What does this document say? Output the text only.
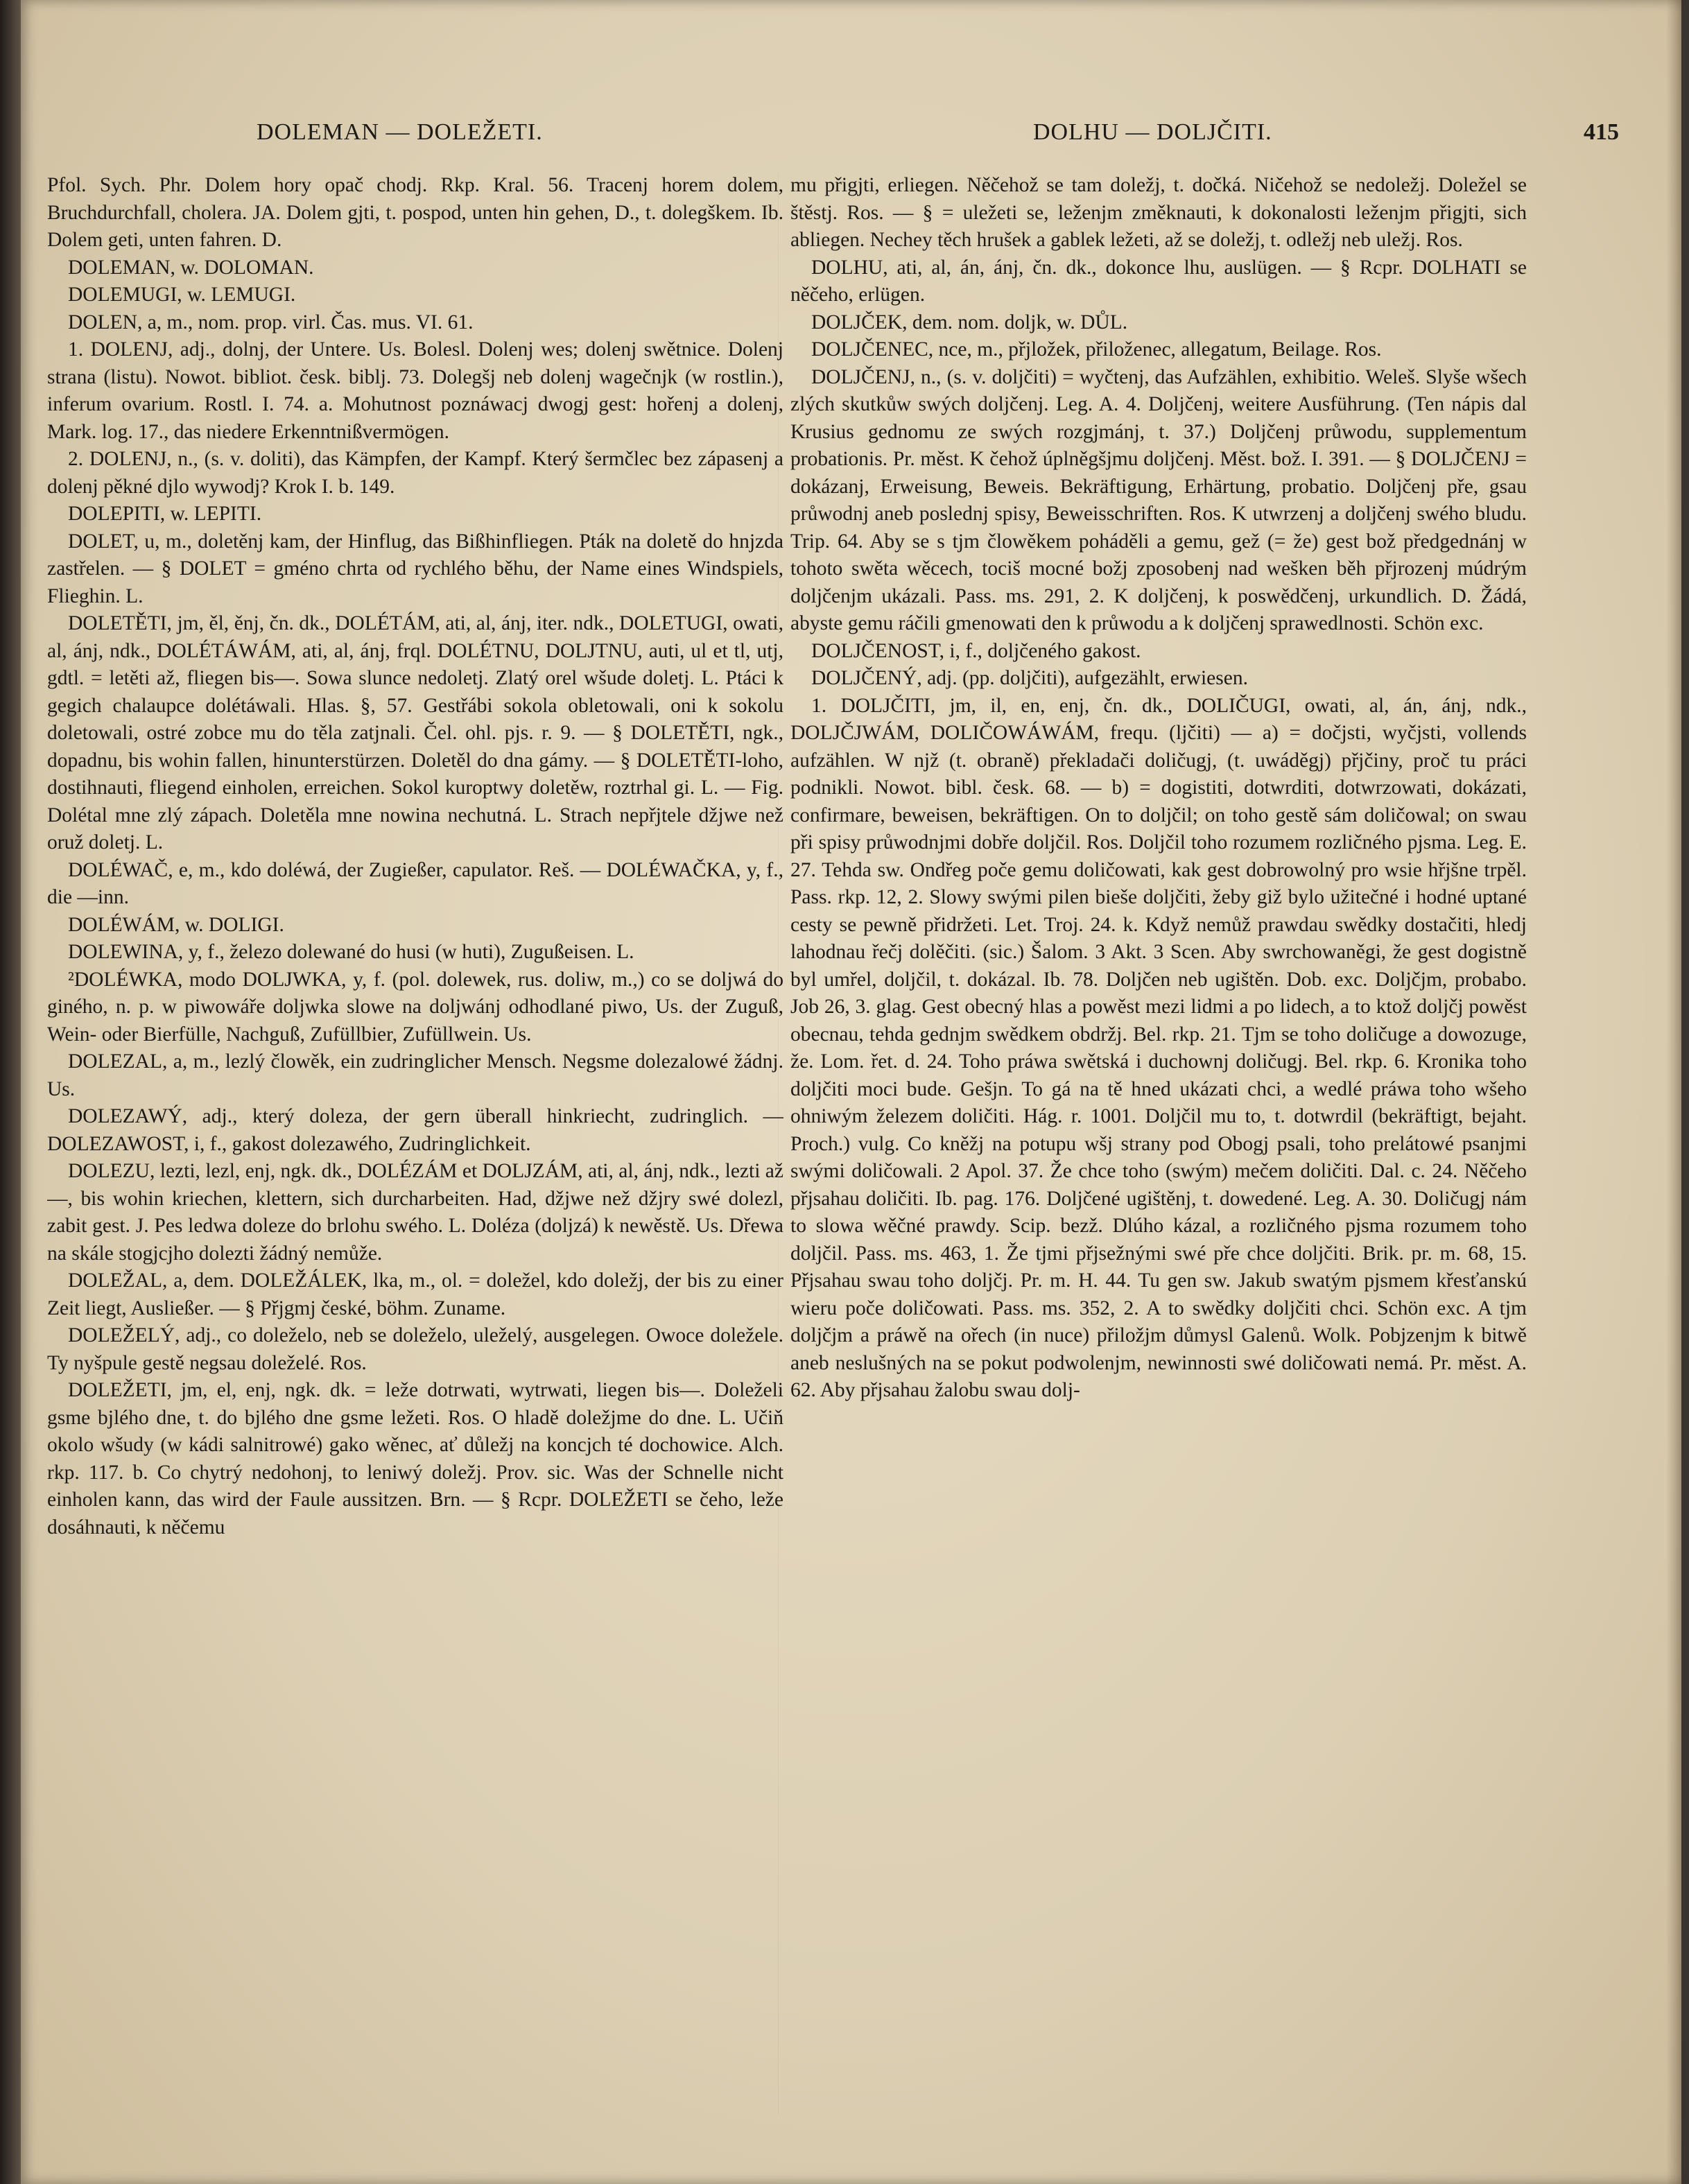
DOLEMAN — DOLEŽETI.	DOLHU — DOLJČITI.	415

Pfol. Sych. Phr. Dolem hory opač chodj. Rkp. Kral. 56. Tracenj horem dolem, Bruchdurchfall, cholera. JA. Dolem gjti, t. pospod, unten hin gehen, D., t. dolegškem. Ib. Dolem geti, unten fahren. D.

DOLEMAN, w. DOLOMAN.

DOLEMUGI, w. LEMUGI.

DOLEN, a, m., nom. prop. virl. Čas. mus. VI. 61.

1. DOLENJ, adj., dolnj, der Untere. Us. Bolesl. Dolenj wes; dolenj swětnice. Dolenj strana (listu). Nowot. bibliot. česk. biblj. 73. Dolegšj neb dolenj wagečnjk (w rostlin.), inferum ovarium. Rostl. I. 74. a. Mohutnost poznáwacj dwogj gest: hořenj a dolenj, Mark. log. 17., das niedere Erkenntnißvermögen.

2. DOLENJ, n., (s. v. doliti), das Kämpfen, der Kampf. Který šermčlec bez zápasenj a dolenj pěkné djlo wywodj? Krok I. b. 149.

DOLEPITI, w. LEPITI.

DOLET, u, m., doletěnj kam, der Hinflug, das Bißhinfliegen. Pták na doletě do hnjzda zastřelen. — § DOLET = gméno chrta od rychlého běhu, der Name eines Windspiels, Flieghin. L.

DOLETĚTI, jm, ěl, ěnj, čn. dk., DOLÉTÁM, ati, al, ánj, iter. ndk., DOLETUGI, owati, al, ánj, ndk., DOLÉTÁWÁM, ati, al, ánj, frql. DOLÉTNU, DOLJTNU, auti, ul et tl, utj, gdtl. = letěti až, fliegen bis—. Sowa slunce nedoletj. Zlatý orel wšude doletj. L. Ptáci k gegich chalaupce dolétáwali. Hlas. §, 57. Gestřábi sokola obletowali, oni k sokolu doletowali, ostré zobce mu do těla zatjnali. Čel. ohl. pjs. r. 9. — § DOLETĚTI, ngk., dopadnu, bis wohin fallen, hinunterstürzen. Doletěl do dna gámy. — § DOLETĚTI-loho, dostihnauti, fliegend einholen, erreichen. Sokol kuroptwy doletěw, roztrhal gi. L. — Fig. Dolétal mne zlý zápach. Doletěla mne nowina nechutná. L. Strach nepřjtele džjwe než oruž doletj. L.

DOLÉWAČ, e, m., kdo doléwá, der Zugießer, capulator. Reš. — DOLÉWAČKA, y, f., die —inn.

DOLÉWÁM, w. DOLIGI.

DOLEWINA, y, f., železo dolewané do husi (w huti), Zugußeisen. L.

²DOLÉWKA, modo DOLJWKA, y, f. (pol. dolewek, rus. doliw, m.,) co se doljwá do giného, n. p. w piwowáře doljwka slowe na doljwánj odhodlané piwo, Us. der Zuguß, Wein- oder Bierfülle, Nachguß, Zufüllbier, Zufüllwein. Us.

DOLEZAL, a, m., lezlý člowěk, ein zudringlicher Mensch. Negsme dolezalowé žádnj. Us.

DOLEZAWÝ, adj., který doleza, der gern überall hinkriecht, zudringlich. — DOLEZAWOST, i, f., gakost dolezawého, Zudringlichkeit.

DOLEZU, lezti, lezl, enj, ngk. dk., DOLÉZÁM et DOLJZÁM, ati, al, ánj, ndk., lezti až—, bis wohin kriechen, klettern, sich durcharbeiten. Had, džjwe než džjry swé dolezl, zabit gest. J. Pes ledwa doleze do brlohu swého. L. Doléza (doljzá) k newěstě. Us. Dřewa na skále stogjcjho dolezti žádný nemůže.

DOLEŽAL, a, dem. DOLEŽÁLEK, lka, m., ol. = doležel, kdo doležj, der bis zu einer Zeit liegt, Ausließer. — § Přjgmj české, böhm. Zuname.

DOLEŽELÝ, adj., co doleželo, neb se doleželo, uleželý, ausgelegen. Owoce doležele. Ty nyšpule gestě negsau doleželé. Ros.

DOLEŽETI, jm, el, enj, ngk. dk. = leže dotrwati, wytrwati, liegen bis—. Doleželi gsme bjlého dne, t. do bjlého dne gsme ležeti. Ros. O hladě doležjme do dne. L. Učiň okolo wšudy (w kádi salnitrowé) gako wěnec, ať důležj na koncjch té dochowice. Alch. rkp. 117. b. Co chytrý nedohonj, to leniwý doležj. Prov. sic. Was der Schnelle nicht einholen kann, das wird der Faule aussitzen. Brn. — § Rcpr. DOLEŽETI se čeho, leže dosáhnauti, k něčemu

mu přigjti, erliegen. Něčehož se tam doležj, t. dočká. Ničehož se nedoležj. Doležel se štěstj. Ros. — § = uležeti se, leženjm změknauti, k dokonalosti leženjm přigjti, sich abliegen. Nechey těch hrušek a gablek ležeti, až se doležj, t. odležj neb uležj. Ros.

DOLHU, ati, al, án, ánj, čn. dk., dokonce lhu, auslügen. — § Rcpr. DOLHATI se něčeho, erlügen.

DOLJČEK, dem. nom. doljk, w. DŮL.

DOLJČENEC, nce, m., přjložek, přiloženec, allegatum, Beilage. Ros.

DOLJČENJ, n., (s. v. doljčiti) = wyčtenj, das Aufzählen, exhibitio. Weleš. Slyše wšech zlých skutkůw swých doljčenj. Leg. A. 4. Doljčenj, weitere Ausführung. (Ten nápis dal Krusius gednomu ze swých rozgjmánj, t. 37.) Doljčenj průwodu, supplementum probationis. Pr. měst. K čehož úplněgšjmu doljčenj. Měst. bož. I. 391. — § DOLJČENJ = dokázanj, Erweisung, Beweis. Bekräftigung, Erhärtung, probatio. Doljčenj pře, gsau průwodnj aneb poslednj spisy, Beweisschriften. Ros. K utwrzenj a doljčenj swého bludu. Trip. 64. Aby se s tjm člowěkem poháděli a gemu, gež (= že) gest bož předgednánj w tohoto swěta wěcech, tociš mocné božj zposobenj nad wešken běh přjrozenj múdrým doljčenjm ukázali. Pass. ms. 291, 2. K doljčenj, k poswědčenj, urkundlich. D. Žádá, abyste gemu ráčili gmenowati den k průwodu a k doljčenj sprawedlnosti. Schön exc.

DOLJČENOST, i, f., doljčeného gakost.

DOLJČENÝ, adj. (pp. doljčiti), aufgezählt, erwiesen.

1. DOLJČITI, jm, il, en, enj, čn. dk., DOLIČUGI, owati, al, án, ánj, ndk., DOLJČJWÁM, DOLIČOWÁWÁM, frequ. (ljčiti) — a) = dočjsti, wyčjsti, vollends aufzählen. W njž (t. obraně) překladači doličugj, (t. uwáděgj) přjčiny, proč tu práci podnikli. Nowot. bibl. česk. 68. — b) = dogistiti, dotwrditi, dotwrzowati, dokázati, confirmare, beweisen, bekräftigen. On to doljčil; on toho gestě sám doličowal; on swau při spisy průwodnjmi dobře doljčil. Ros. Doljčil toho rozumem rozličného pjsma. Leg. E. 27. Tehda sw. Ondřeg poče gemu doličowati, kak gest dobrowolný pro wsie hřjšne trpěl. Pass. rkp. 12, 2. Slowy swými pilen bieše doljčiti, žeby giž bylo užitečné i hodné uptané cesty se pewně přidržeti. Let. Troj. 24. k. Když nemůž prawdau swědky dostačiti, hledj lahodnau řečj dolěčiti. (sic.) Šalom. 3 Akt. 3 Scen. Aby swrchowaněgi, že gest dogistně byl umřel, doljčil, t. dokázal. Ib. 78. Doljčen neb ugištěn. Dob. exc. Doljčjm, probabo. Job 26, 3. glag. Gest obecný hlas a powěst mezi lidmi a po lidech, a to ktož doljčj powěst obecnau, tehda gednjm swědkem obdržj. Bel. rkp. 21. Tjm se toho doličuge a dowozuge, že. Lom. řet. d. 24. Toho práwa swětská i duchownj doličugj. Bel. rkp. 6. Kronika toho doljčiti moci bude. Gešjn. To gá na tě hned ukázati chci, a wedlé práwa toho wšeho ohniwým železem doličiti. Hág. r. 1001. Doljčil mu to, t. dotwrdil (bekräftigt, bejaht. Proch.) vulg. Co kněžj na potupu wšj strany pod Obogj psali, toho prelátowé psanjmi swými doličowali. 2 Apol. 37. Že chce toho (swým) mečem doličiti. Dal. c. 24. Něčeho přjsahau doličiti. Ib. pag. 176. Doljčené ugištěnj, t. dowedené. Leg. A. 30. Doličugj nám to slowa wěčné prawdy. Scip. bezž. Dlúho kázal, a rozličného pjsma rozumem toho doljčil. Pass. ms. 463, 1. Že tjmi přjsežnými swé pře chce doljčiti. Brik. pr. m. 68, 15. Přjsahau swau toho doljčj. Pr. m. H. 44. Tu gen sw. Jakub swatým pjsmem křesťanskú wieru poče doličowati. Pass. ms. 352, 2. A to swědky doljčiti chci. Schön exc. A tjm doljčjm a práwě na ořech (in nuce) přiložjm důmysl Galenů. Wolk. Pobjzenjm k bitwě aneb neslušných na se pokut podwolenjm, newinnosti swé doličowati nemá. Pr. měst. A. 62. Aby přjsahau žalobu swau dolj-
